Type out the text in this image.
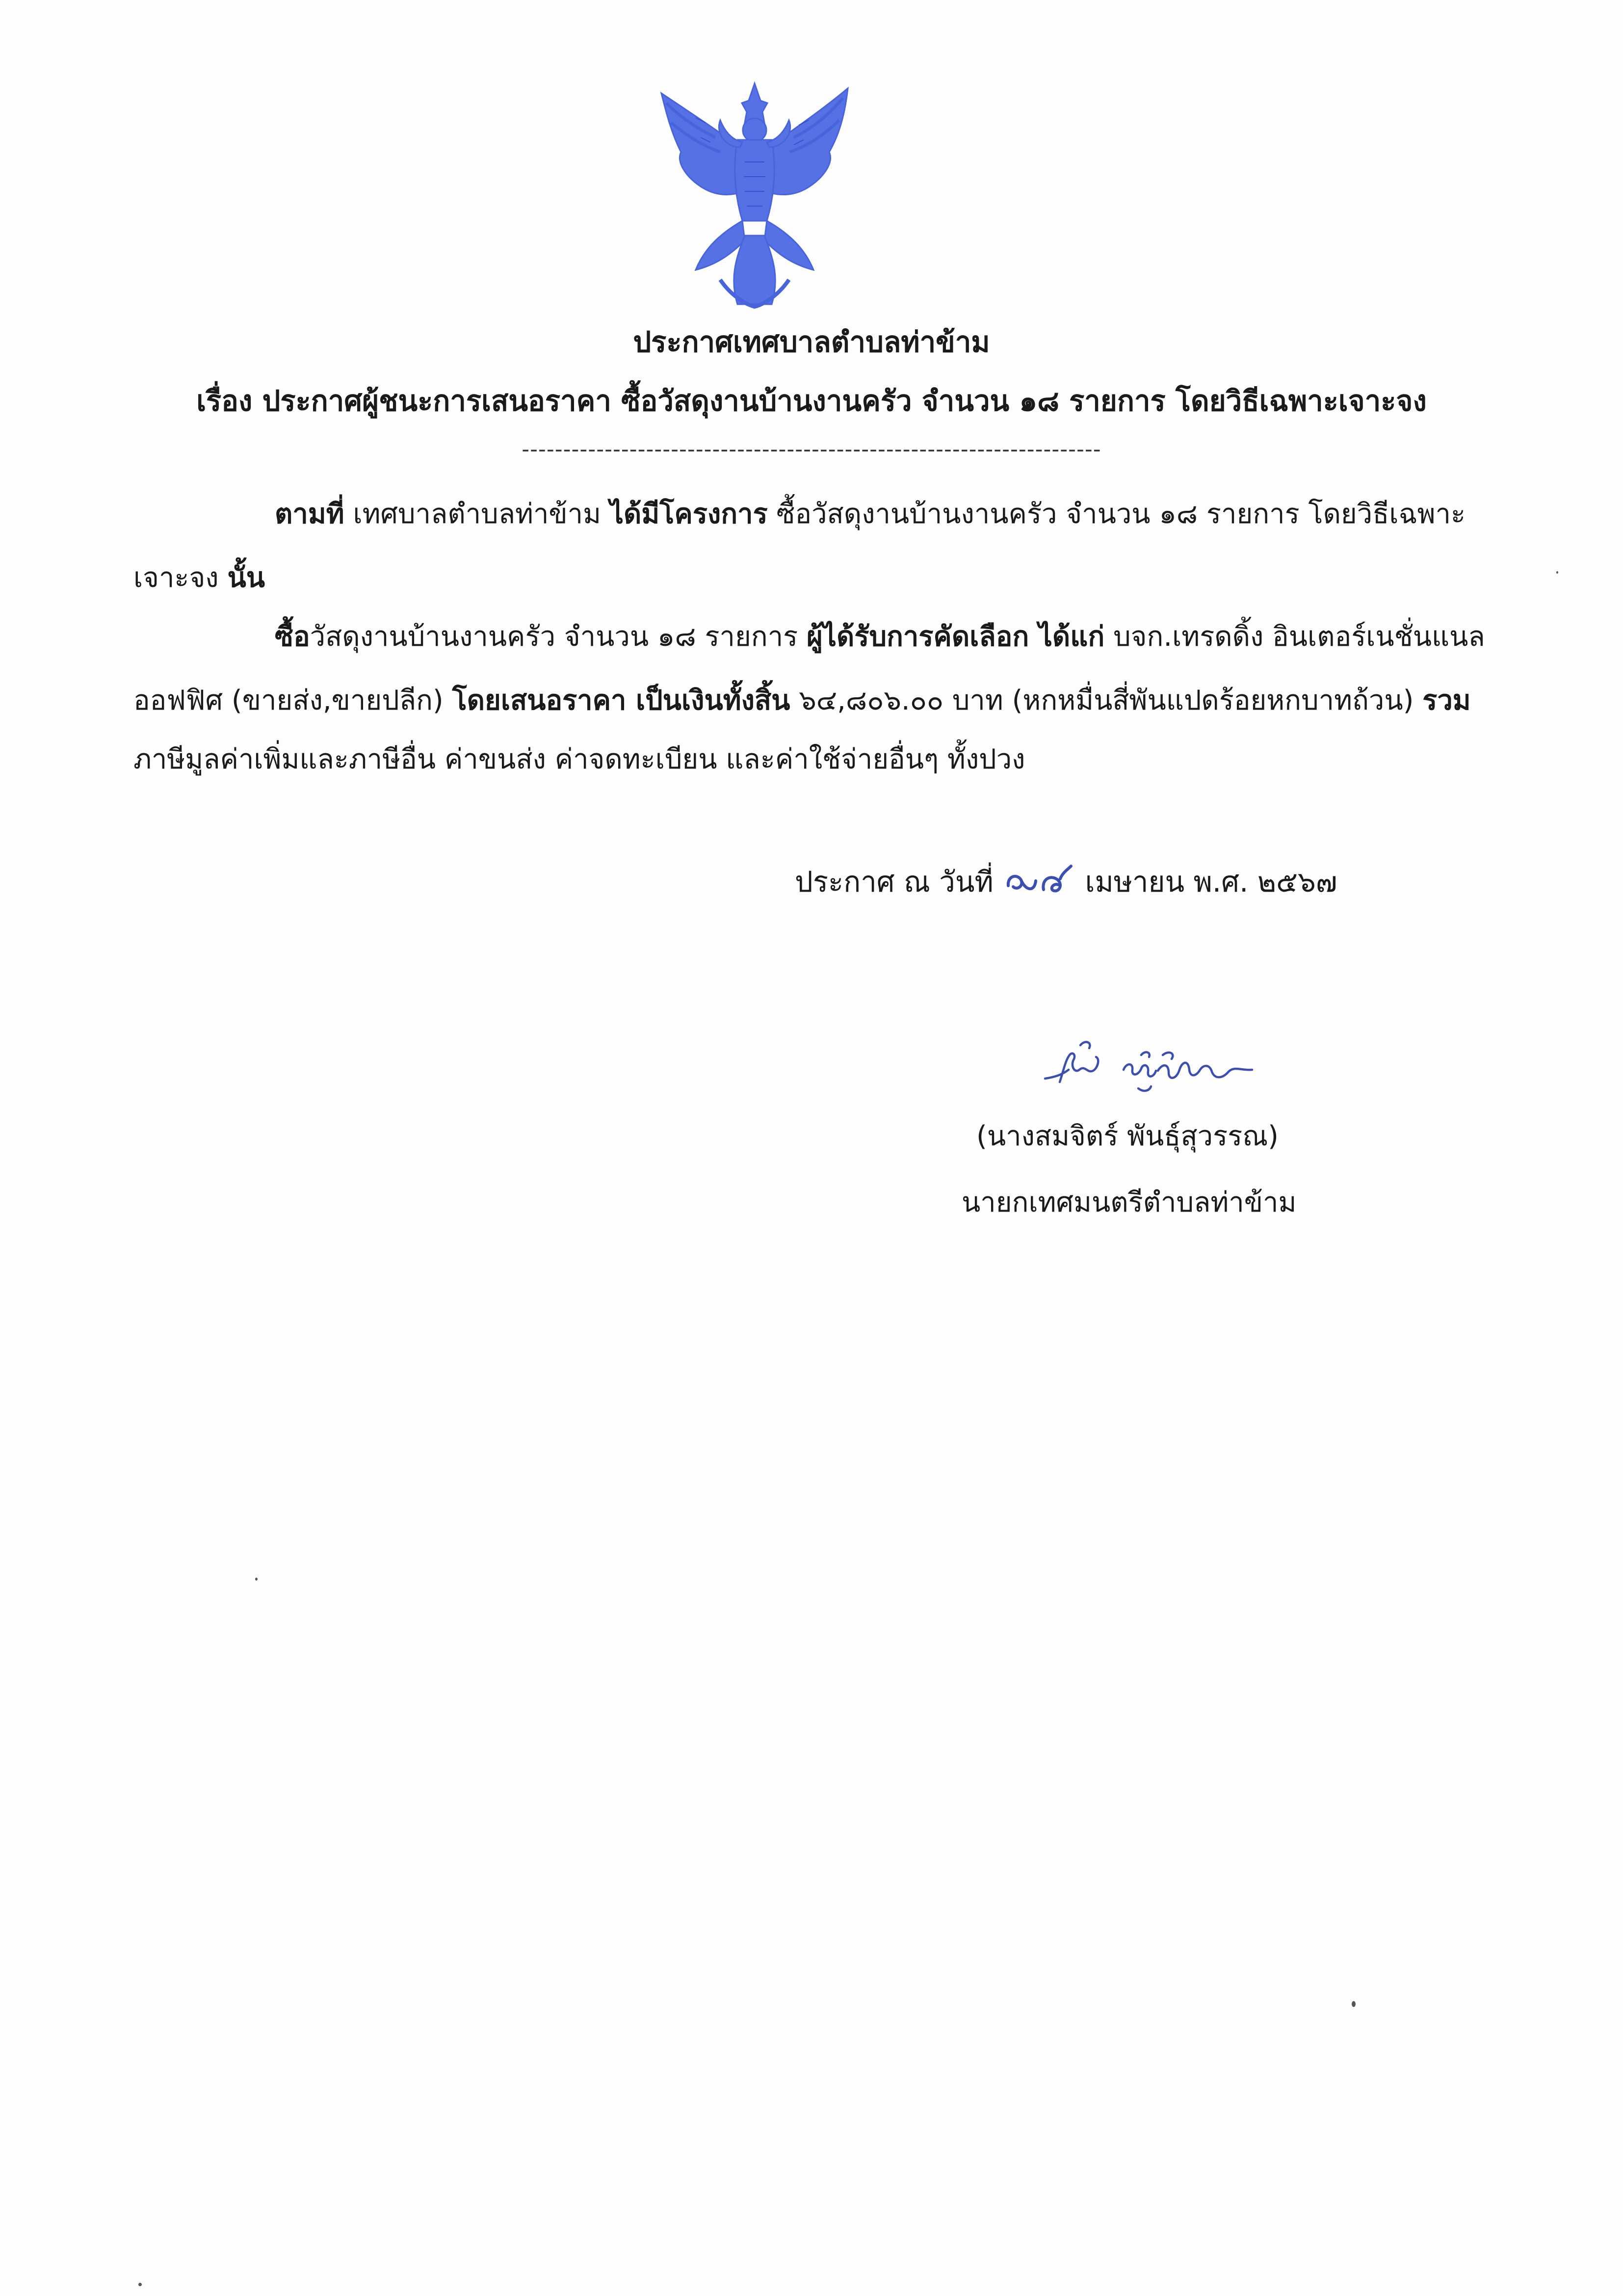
ประกาศเทศบาลตำบลท่าข้าม
เรื่อง ประกาศผู้ชนะการเสนอราคา ซื้อวัสดุงานบ้านงานครัว จำนวน ๑๘ รายการ โดยวิธีเฉพาะเจาะจง
----------------------------------------------------------------------
ตามที่ เทศบาลตำบลท่าข้าม ได้มีโครงการ ซื้อวัสดุงานบ้านงานครัว จำนวน ๑๘ รายการ โดยวิธีเฉพาะ
เจาะจง นั้น
ซื้อวัสดุงานบ้านงานครัว จำนวน ๑๘ รายการ ผู้ได้รับการคัดเลือก ได้แก่ บจก.เทรดดิ้ง อินเตอร์เนชั่นแนล
ออฟฟิศ (ขายส่ง,ขายปลีก) โดยเสนอราคา เป็นเงินทั้งสิ้น ๖๔,๘๐๖.๐๐ บาท (หกหมื่นสี่พันแปดร้อยหกบาทถ้วน) รวม
ภาษีมูลค่าเพิ่มและภาษีอื่น ค่าขนส่ง ค่าจดทะเบียน และค่าใช้จ่ายอื่นๆ ทั้งปวง
ประกาศ ณ วันที่	เมษายน พ.ศ. ๒๕๖๗
(นางสมจิตร์ พันธุ์สุวรรณ)
นายกเทศมนตรีตำบลท่าข้าม
